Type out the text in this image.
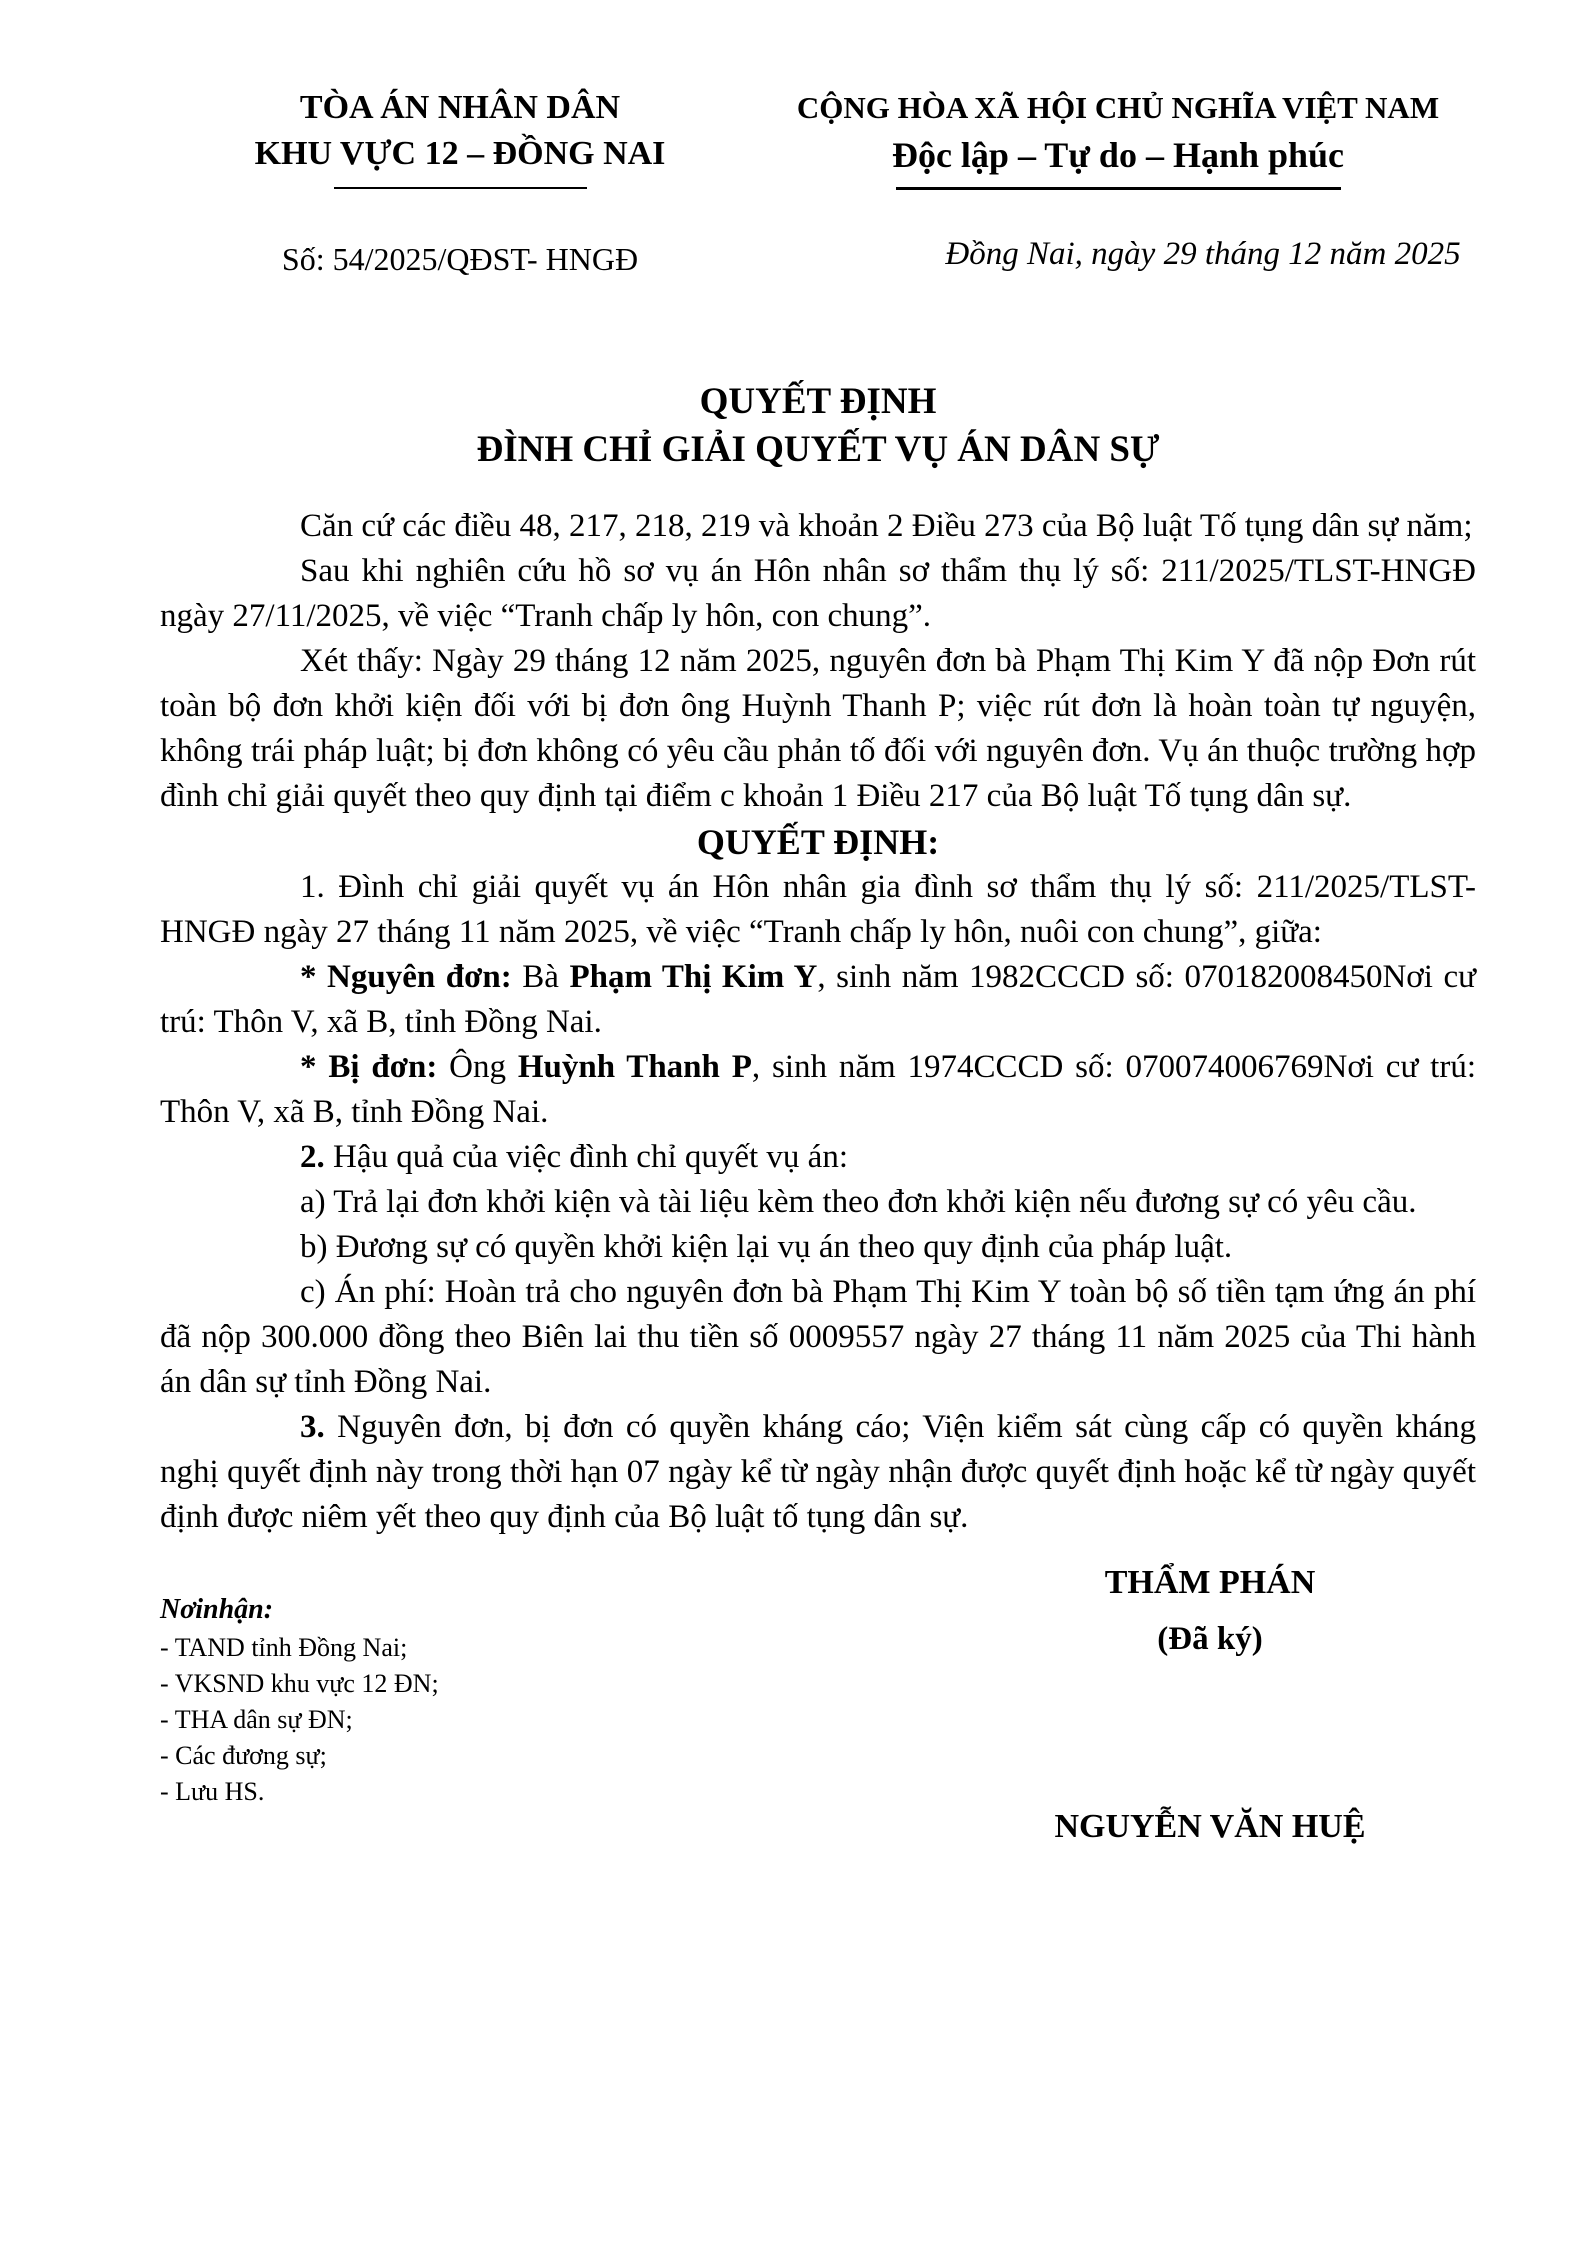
TÒA ÁN NHÂN DÂN
KHU VỰC 12 – ĐỒNG NAI
Số: 54/2025/QĐST- HNGĐ
CỘNG HÒA XÃ HỘI CHỦ NGHĨA VIỆT NAM
Độc lập – Tự do – Hạnh phúc
Đồng Nai, ngày 29 tháng 12 năm 2025
QUYẾT ĐỊNH
ĐÌNH CHỈ GIẢI QUYẾT VỤ ÁN DÂN SỰ

Căn cứ các điều 48, 217, 218, 219 và khoản 2 Điều 273 của Bộ luật Tố tụng dân sự năm;

Sau khi nghiên cứu hồ sơ vụ án Hôn nhân sơ thẩm thụ lý số: 211/2025/TLST-HNGĐ ngày 27/11/2025, về việc “Tranh chấp ly hôn, con chung”.

Xét thấy: Ngày 29 tháng 12 năm 2025, nguyên đơn bà Phạm Thị Kim Y đã nộp Đơn rút toàn bộ đơn khởi kiện đối với bị đơn ông Huỳnh Thanh P; việc rút đơn là hoàn toàn tự nguyện, không trái pháp luật; bị đơn không có yêu cầu phản tố đối với nguyên đơn. Vụ án thuộc trường hợp đình chỉ giải quyết theo quy định tại điểm c khoản 1 Điều 217 của Bộ luật Tố tụng dân sự.

QUYẾT ĐỊNH:

1. Đình chỉ giải quyết vụ án Hôn nhân gia đình sơ thẩm thụ lý số: 211/2025/TLST-HNGĐ ngày 27 tháng 11 năm 2025, về việc “Tranh chấp ly hôn, nuôi con chung”, giữa:

* Nguyên đơn: Bà Phạm Thị Kim Y, sinh năm 1982CCCD số: 070182008450Nơi cư trú: Thôn V, xã B, tỉnh Đồng Nai.

* Bị đơn: Ông Huỳnh Thanh P, sinh năm 1974CCCD số: 070074006769Nơi cư trú: Thôn V, xã B, tỉnh Đồng Nai.

2. Hậu quả của việc đình chỉ quyết vụ án:

a) Trả lại đơn khởi kiện và tài liệu kèm theo đơn khởi kiện nếu đương sự có yêu cầu.

b) Đương sự có quyền khởi kiện lại vụ án theo quy định của pháp luật.

c) Án phí: Hoàn trả cho nguyên đơn bà Phạm Thị Kim Y toàn bộ số tiền tạm ứng án phí đã nộp 300.000 đồng theo Biên lai thu tiền số 0009557 ngày 27 tháng 11 năm 2025 của Thi hành án dân sự tỉnh Đồng Nai.

3. Nguyên đơn, bị đơn có quyền kháng cáo; Viện kiểm sát cùng cấp có quyền kháng nghị quyết định này trong thời hạn 07 ngày kể từ ngày nhận được quyết định hoặc kể từ ngày quyết định được niêm yết theo quy định của Bộ luật tố tụng dân sự.

THẨM PHÁN
(Đã ký)
NGUYỄN VĂN HUỆ
Nơinhận:
- TAND tỉnh Đồng Nai;
- VKSND khu vực 12 ĐN;
- THA dân sự ĐN;
- Các đương sự;
- Lưu HS.
